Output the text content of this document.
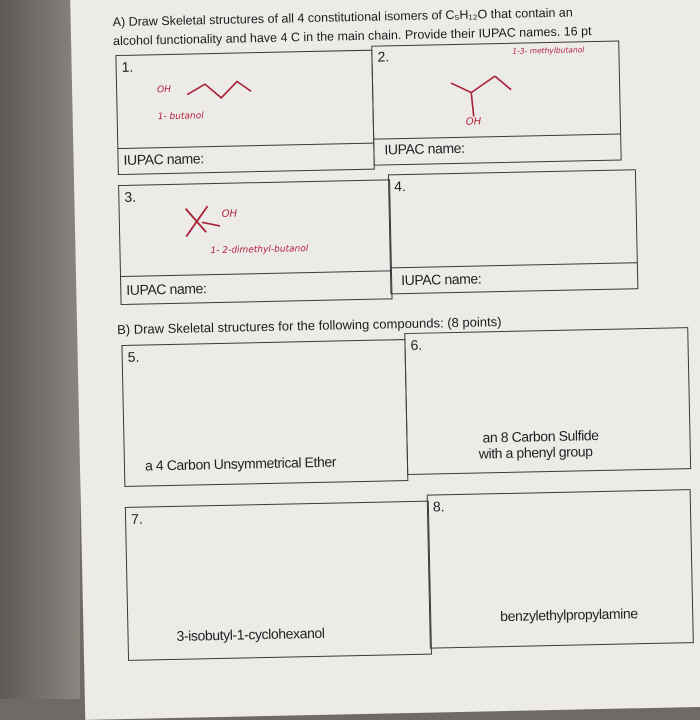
A) Draw Skeletal structures of all 4 constitutional isomers of C₅H₁₂O that contain an
alcohol functionality and have 4 C in the main chain. Provide their IUPAC names. 16 pt
1.
OH
1- butanol
IUPAC name:
2.	1-3- methylbutanol
OH
IUPAC name:
3.
OH
1- 2-dimethyl-butanol
IUPAC name:
4.
IUPAC name:
B) Draw Skeletal structures for the following compounds: (8 points)
5.
a 4 Carbon Unsymmetrical Ether
6.
an 8 Carbon Sulfide
with a phenyl group
7.
3-isobutyl-1-cyclohexanol
8.
benzylethylpropylamine
